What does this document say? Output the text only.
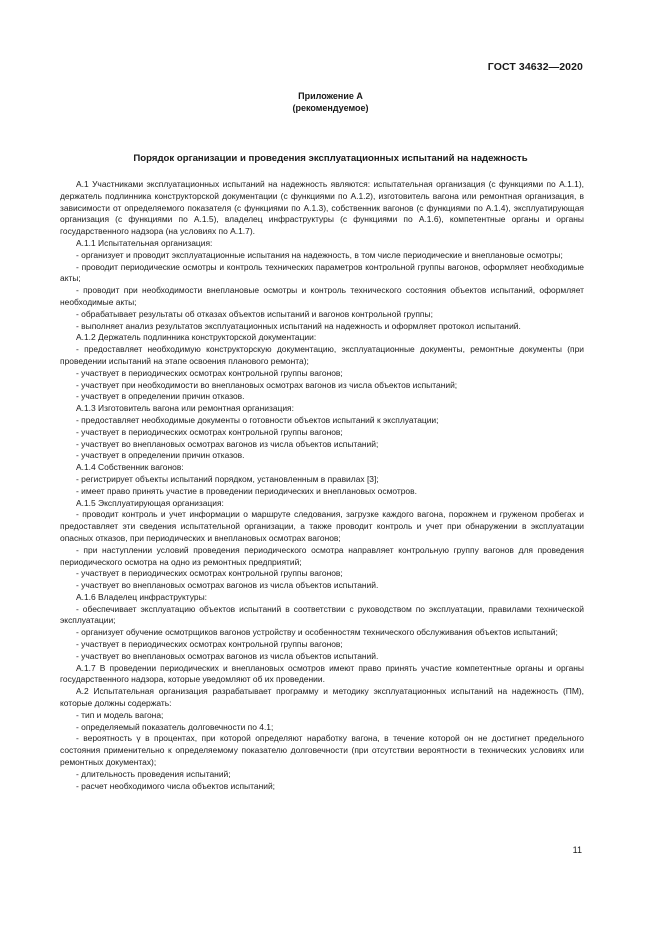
ГОСТ 34632—2020
Приложение А
(рекомендуемое)
Порядок организации и проведения эксплуатационных испытаний на надежность
А.1 Участниками эксплуатационных испытаний на надежность являются: испытательная организация (с функциями по А.1.1), держатель подлинника конструкторской документации (с функциями по А.1.2), изготовитель вагона или ремонтная организация, в зависимости от определяемого показателя (с функциями по А.1.3), собственник вагонов (с функциями по А.1.4), эксплуатирующая организация (с функциями по А.1.5), владелец инфраструктуры (с функциями по А.1.6), компетентные органы и органы государственного надзора (на условиях по А.1.7).
А.1.1 Испытательная организация:
- организует и проводит эксплуатационные испытания на надежность, в том числе периодические и внеплановые осмотры;
- проводит периодические осмотры и контроль технических параметров контрольной группы вагонов, оформляет необходимые акты;
- проводит при необходимости внеплановые осмотры и контроль технического состояния объектов испытаний, оформляет необходимые акты;
- обрабатывает результаты об отказах объектов испытаний и вагонов контрольной группы;
- выполняет анализ результатов эксплуатационных испытаний на надежность и оформляет протокол испытаний.
А.1.2 Держатель подлинника конструкторской документации:
- предоставляет необходимую конструкторскую документацию, эксплуатационные документы, ремонтные документы (при проведении испытаний на этапе освоения планового ремонта);
- участвует в периодических осмотрах контрольной группы вагонов;
- участвует при необходимости во внеплановых осмотрах вагонов из числа объектов испытаний;
- участвует в определении причин отказов.
А.1.3 Изготовитель вагона или ремонтная организация:
- предоставляет необходимые документы о готовности объектов испытаний к эксплуатации;
- участвует в периодических осмотрах контрольной группы вагонов;
- участвует во внеплановых осмотрах вагонов из числа объектов испытаний;
- участвует в определении причин отказов.
А.1.4 Собственник вагонов:
- регистрирует объекты испытаний порядком, установленным в правилах [3];
- имеет право принять участие в проведении периодических и внеплановых осмотров.
А.1.5 Эксплуатирующая организация:
- проводит контроль и учет информации о маршруте следования, загрузке каждого вагона, порожнем и груженом пробегах и предоставляет эти сведения испытательной организации, а также проводит контроль и учет при обнаружении в эксплуатации опасных отказов, при периодических и внеплановых осмотрах вагонов;
- при наступлении условий проведения периодического осмотра направляет контрольную группу вагонов для проведения периодического осмотра на одно из ремонтных предприятий;
- участвует в периодических осмотрах контрольной группы вагонов;
- участвует во внеплановых осмотрах вагонов из числа объектов испытаний.
А.1.6 Владелец инфраструктуры:
- обеспечивает эксплуатацию объектов испытаний в соответствии с руководством по эксплуатации, правилами технической эксплуатации;
- организует обучение осмотрщиков вагонов устройству и особенностям технического обслуживания объектов испытаний;
- участвует в периодических осмотрах контрольной группы вагонов;
- участвует во внеплановых осмотрах вагонов из числа объектов испытаний.
А.1.7 В проведении периодических и внеплановых осмотров имеют право принять участие компетентные органы и органы государственного надзора, которые уведомляют об их проведении.
А.2 Испытательная организация разрабатывает программу и методику эксплуатационных испытаний на надежность (ПМ), которые должны содержать:
- тип и модель вагона;
- определяемый показатель долговечности по 4.1;
- вероятность γ в процентах, при которой определяют наработку вагона, в течение которой он не достигнет предельного состояния применительно к определяемому показателю долговечности (при отсутствии вероятности в технических условиях или ремонтных документах);
- длительность проведения испытаний;
- расчет необходимого числа объектов испытаний;
11
